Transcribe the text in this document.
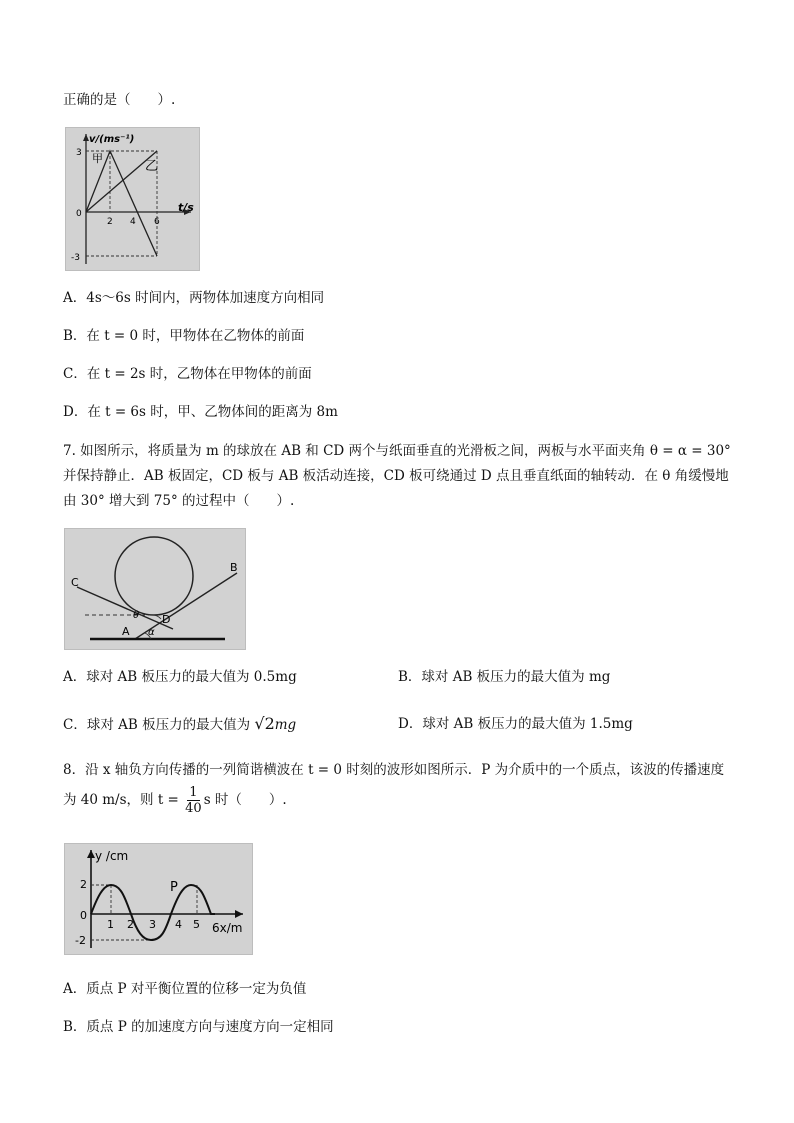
正确的是（　　）.
v/(ms⁻¹)
t/s
甲
乙
3
0
-3
2 4 6
A．4s～6s 时间内，两物体加速度方向相同
B．在 t = 0 时，甲物体在乙物体的前面
C．在 t = 2s 时，乙物体在甲物体的前面
D．在 t = 6s 时，甲、乙物体间的距离为 8m
7. 如图所示，将质量为 m 的球放在 AB 和 CD 两个与纸面垂直的光滑板之间，两板与水平面夹角 θ = α = 30°
并保持静止．AB 板固定，CD 板与 AB 板活动连接，CD 板可绕通过 D 点且垂直纸面的轴转动．在 θ 角缓慢地
由 30° 增大到 75° 的过程中（　　）.
C
B
A
D
θ
α
A．球对 AB 板压力的最大值为 0.5mg	B．球对 AB 板压力的最大值为 mg
C．球对 AB 板压力的最大值为 √2mg	D．球对 AB 板压力的最大值为 1.5mg
8．沿 x 轴负方向传播的一列简谐横波在 t = 0 时刻的波形如图所示．P 为介质中的一个质点，该波的传播速度
为 40 m/s，则 $t = \frac{1}{40}$ s 时（　　）.
y /cm
6x/m
P
2
0
-2
1 2 3 4 5
A．质点 P 对平衡位置的位移一定为负值
B．质点 P 的加速度方向与速度方向一定相同
